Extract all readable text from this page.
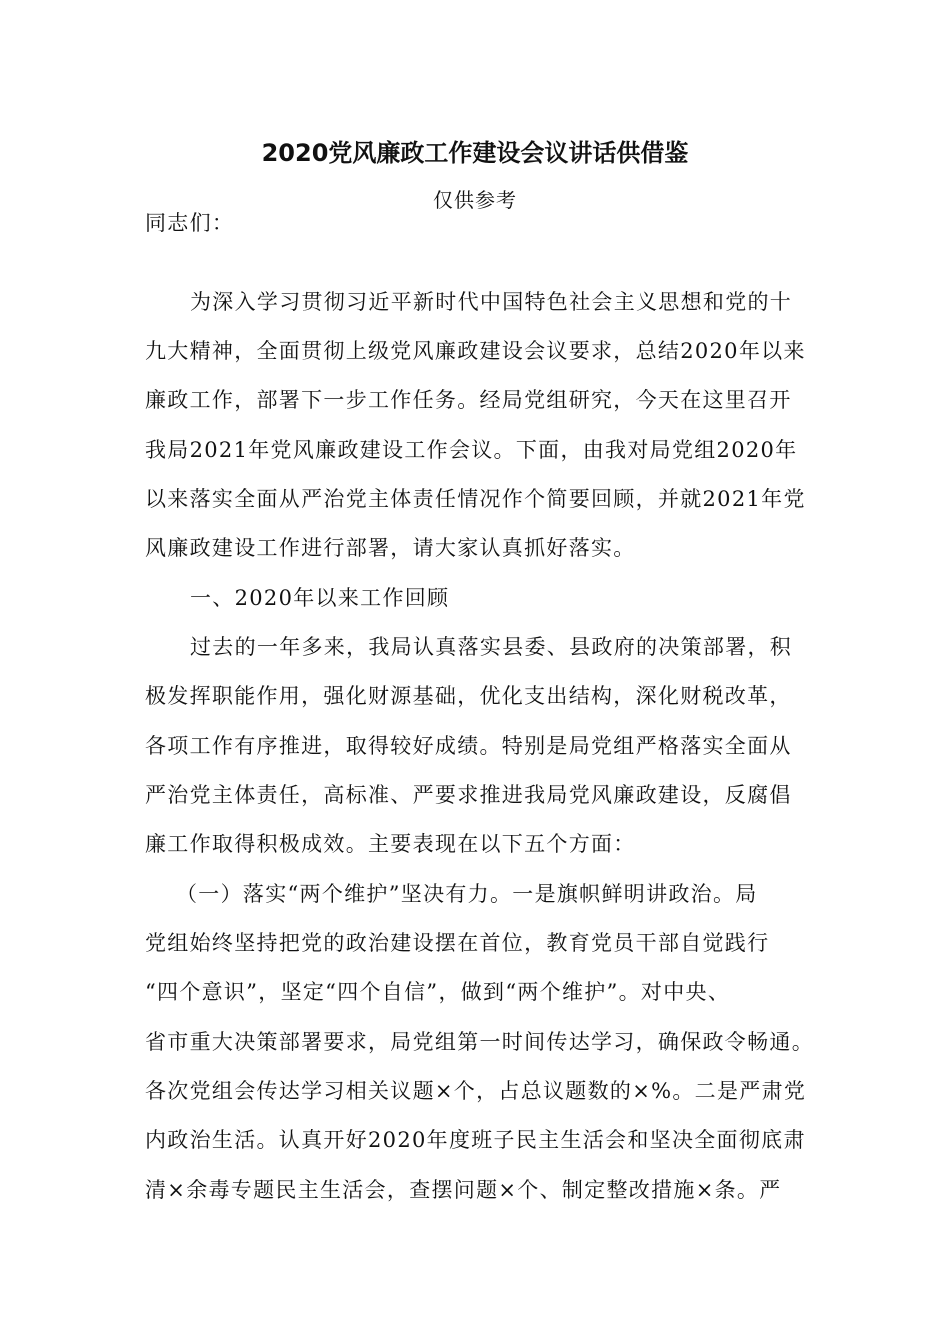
2020党风廉政工作建设会议讲话供借鉴
仅供参考
同志们：
为深入学习贯彻习近平新时代中国特色社会主义思想和党的十
九大精神，全面贯彻上级党风廉政建设会议要求，总结2020年以来
廉政工作，部署下一步工作任务。经局党组研究，今天在这里召开
我局2021年党风廉政建设工作会议。下面，由我对局党组2020年
以来落实全面从严治党主体责任情况作个简要回顾，并就2021年党
风廉政建设工作进行部署，请大家认真抓好落实。
一、2020年以来工作回顾
过去的一年多来，我局认真落实县委、县政府的决策部署，积
极发挥职能作用，强化财源基础，优化支出结构，深化财税改革，
各项工作有序推进，取得较好成绩。特别是局党组严格落实全面从
严治党主体责任，高标准、严要求推进我局党风廉政建设，反腐倡
廉工作取得积极成效。主要表现在以下五个方面：
（一）落实“两个维护”坚决有力。一是旗帜鲜明讲政治。局
党组始终坚持把党的政治建设摆在首位，教育党员干部自觉践行
“四个意识”，坚定“四个自信”，做到“两个维护”。对中央、
省市重大决策部署要求，局党组第一时间传达学习，确保政令畅通。
各次党组会传达学习相关议题×个，占总议题数的×%。二是严肃党
内政治生活。认真开好2020年度班子民主生活会和坚决全面彻底肃
清×余毒专题民主生活会，查摆问题×个、制定整改措施×条。严
